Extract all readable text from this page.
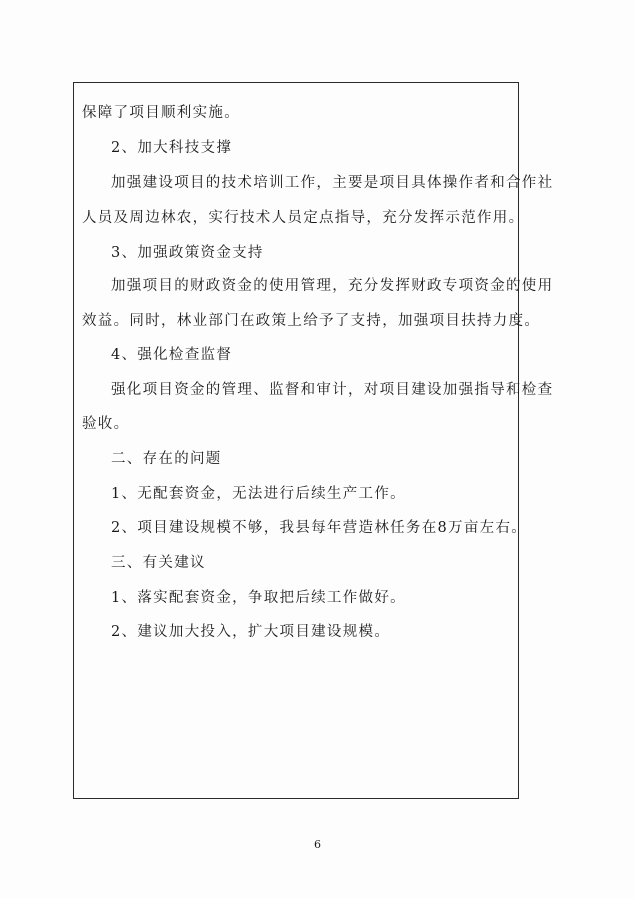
保障了项目顺利实施。
2、加大科技支撑
加强建设项目的技术培训工作，主要是项目具体操作者和合作社
人员及周边林农，实行技术人员定点指导，充分发挥示范作用。
3、加强政策资金支持
加强项目的财政资金的使用管理，充分发挥财政专项资金的使用
效益。同时，林业部门在政策上给予了支持，加强项目扶持力度。
4、强化检查监督
强化项目资金的管理、监督和审计，对项目建设加强指导和检查
验收。
二、存在的问题
1、无配套资金，无法进行后续生产工作。
2、项目建设规模不够，我县每年营造林任务在8万亩左右。
三、有关建议
1、落实配套资金，争取把后续工作做好。
2、建议加大投入，扩大项目建设规模。
6
